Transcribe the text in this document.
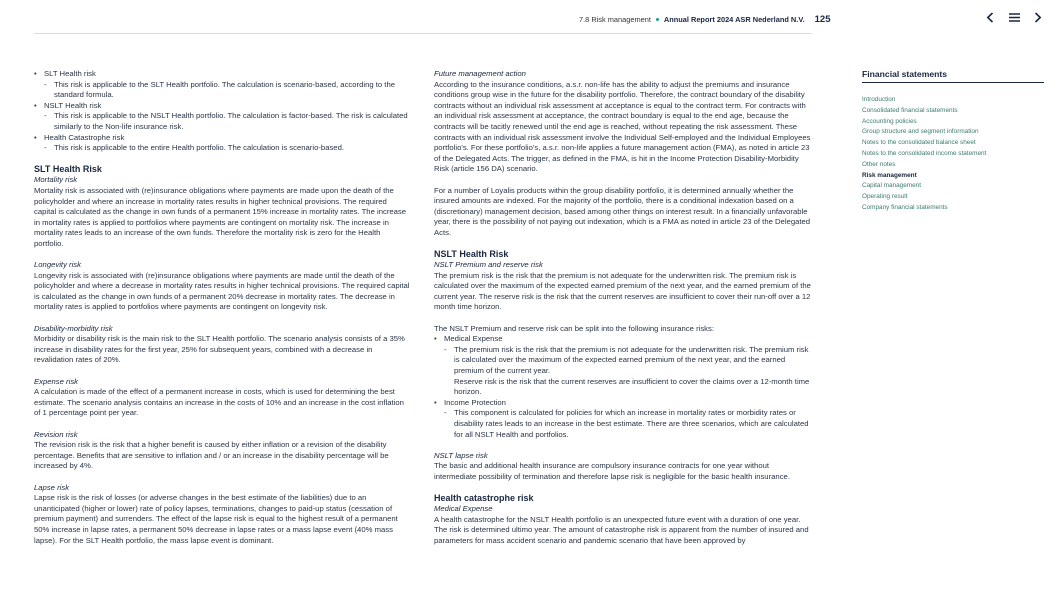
7.8 Risk management Annual Report 2024 ASR Nederland N.V. 125

• SLT Health risk

- This risk is applicable to the SLT Health portfolio. The calculation is scenario-based, according to the standard formula.

• NSLT Health risk

- This risk is applicable to the NSLT Health portfolio. The calculation is factor-based. The risk is calculated similarly to the Non-life insurance risk.

• Health Catastrophe risk

- This risk is applicable to the entire Health portfolio. The calculation is scenario-based.

SLT Health Risk

Mortality risk

Mortality risk is associated with (re)insurance obligations where payments are made upon the death of the policyholder and where an increase in mortality rates results in higher technical provisions. The required capital is calculated as the change in own funds of a permanent 15% increase in mortality rates. The increase in mortality rates is applied to portfolios where payments are contingent on mortality risk. The increase in mortality rates leads to an increase of the own funds. Therefore the mortality risk is zero for the Health portfolio.

Longevity risk

Longevity risk is associated with (re)insurance obligations where payments are made until the death of the policyholder and where a decrease in mortality rates results in higher technical provisions. The required capital is calculated as the change in own funds of a permanent 20% decrease in mortality rates. The decrease in mortality rates is applied to portfolios where payments are contingent on longevity risk.

Disability-morbidity risk

Morbidity or disability risk is the main risk to the SLT Health portfolio. The scenario analysis consists of a 35% increase in disability rates for the first year, 25% for subsequent years, combined with a decrease in revalidation rates of 20%.

Expense risk

A calculation is made of the effect of a permanent increase in costs, which is used for determining the best estimate. The scenario analysis contains an increase in the costs of 10% and an increase in the cost inflation of 1 percentage point per year.

Revision risk

The revision risk is the risk that a higher benefit is caused by either inflation or a revision of the disability percentage. Benefits that are sensitive to inflation and / or an increase in the disability percentage will be increased by 4%.

Lapse risk

Lapse risk is the risk of losses (or adverse changes in the best estimate of the liabilities) due to an unanticipated (higher or lower) rate of policy lapses, terminations, changes to paid-up status (cessation of premium payment) and surrenders. The effect of the lapse risk is equal to the highest result of a permanent 50% increase in lapse rates, a permanent 50% decrease in lapse rates or a mass lapse event (40% mass lapse). For the SLT Health portfolio, the mass lapse event is dominant.

Future management action

According to the insurance conditions, a.s.r. non-life has the ability to adjust the premiums and insurance conditions group wise in the future for the disability portfolio. Therefore, the contract boundary of the disability contracts without an individual risk assessment at acceptance is equal to the contract term. For contracts with an individual risk assessment at acceptance, the contract boundary is equal to the end age, because the contracts will be tacitly renewed until the end age is reached, without repeating the risk assessment. These contracts with an individual risk assessment involve the Individual Self-employed and the Individual Employees portfolio's. For these portfolio's, a.s.r. non-life applies a future management action (FMA), as noted in article 23 of the Delegated Acts. The trigger, as defined in the FMA, is hit in the Income Protection Disability-Morbidity Risk (article 156 DA) scenario.

For a number of Loyalis products within the group disability portfolio, it is determined annually whether the insured amounts are indexed. For the majority of the portfolio, there is a conditional indexation based on a (discretionary) management decision, based among other things on interest result. In a financially unfavorable year, there is the possibility of not paying out indexation, which is a FMA as noted in article 23 of the Delegated Acts.

NSLT Health Risk

NSLT Premium and reserve risk

The premium risk is the risk that the premium is not adequate for the underwritten risk. The premium risk is calculated over the maximum of the expected earned premium of the next year, and the earned premium of the current year. The reserve risk is the risk that the current reserves are insufficient to cover their run-off over a 12 month time horizon.

The NSLT Premium and reserve risk can be split into the following insurance risks:

• Medical Expense

- The premium risk is the risk that the premium is not adequate for the underwritten risk. The premium risk is calculated over the maximum of the expected earned premium of the next year, and the earned premium of the current year.

Reserve risk is the risk that the current reserves are insufficient to cover the claims over a 12-month time horizon.

• Income Protection

- This component is calculated for policies for which an increase in mortality rates or morbidity rates or disability rates leads to an increase in the best estimate. There are three scenarios, which are calculated for all NSLT Health and portfolios.

NSLT lapse risk

The basic and additional health insurance are compulsory insurance contracts for one year without intermediate possibility of termination and therefore lapse risk is negligible for the basic health insurance.

Health catastrophe risk

Medical Expense

A health catastrophe for the NSLT Health portfolio is an unexpected future event with a duration of one year. The risk is determined ultimo year. The amount of catastrophe risk is apparent from the number of insured and parameters for mass accident scenario and pandemic scenario that have been approved by

Financial statements
Introduction
Consolidated financial statements
Accounting policies
Group structure and segment information
Notes to the consolidated balance sheet
Notes to the consolidated income statement
Other notes
Risk management
Capital management
Operating result
Company financial statements
